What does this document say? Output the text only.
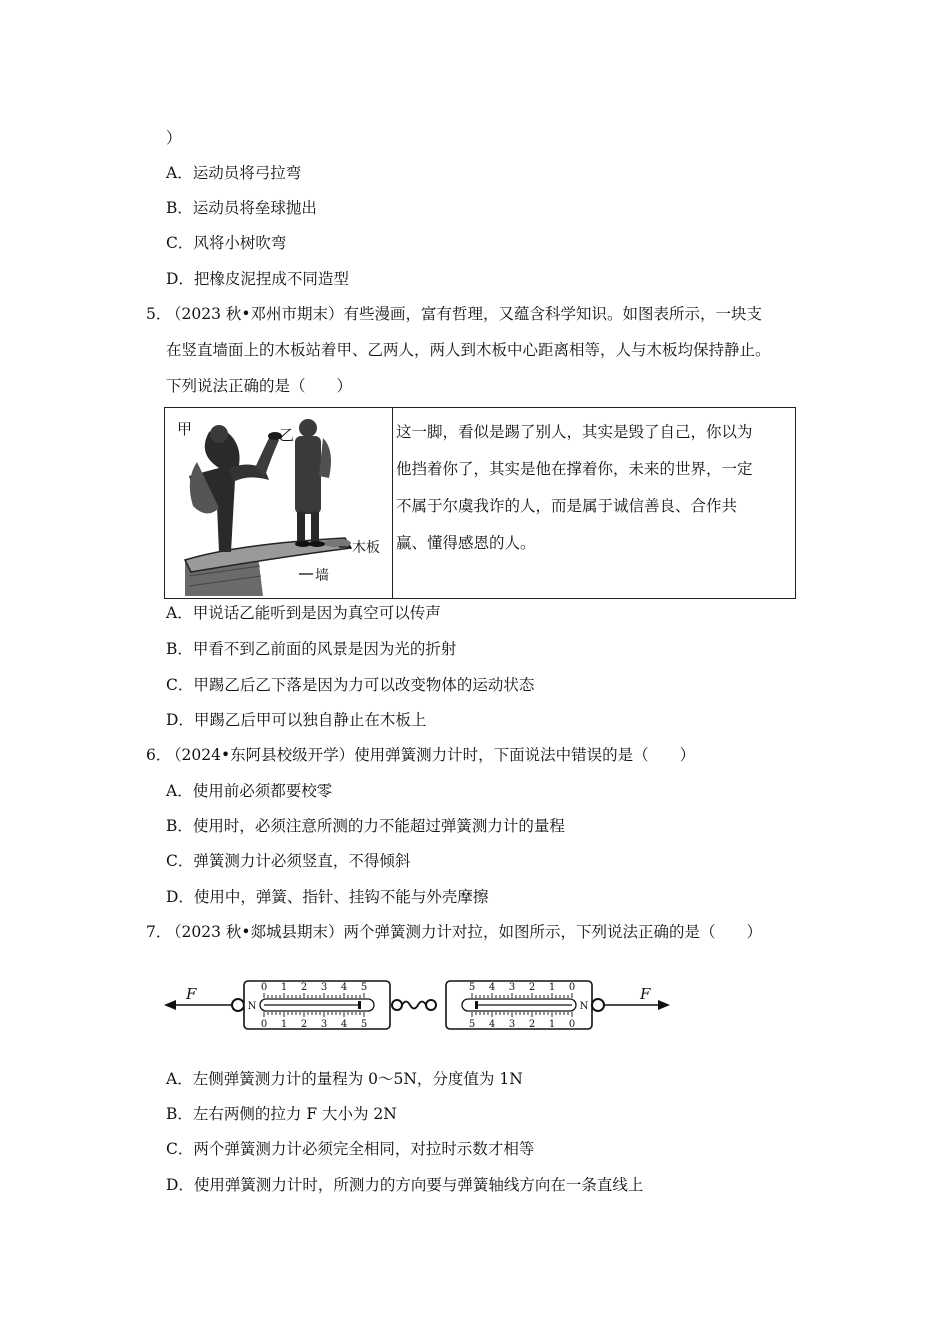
）
A．运动员将弓拉弯
B．运动员将垒球抛出
C．风将小树吹弯
D．把橡皮泥捏成不同造型
5．
（2023 秋•邓州市期末）有些漫画，富有哲理，又蕴含科学知识。如图表所示，一块支
在竖直墙面上的木板站着甲、乙两人，两人到木板中心距离相等，人与木板均保持静止。
下列说法正确的是（　　）
甲	乙
木板
墙
这一脚，看似是踢了别人，其实是毁了自己，你以为
他挡着你了，其实是他在撑着你，未来的世界，一定
不属于尔虞我诈的人，而是属于诚信善良、合作共
赢、懂得感恩的人。
A．甲说话乙能听到是因为真空可以传声
B．甲看不到乙前面的风景是因为光的折射
C．甲踢乙后乙下落是因为力可以改变物体的运动状态
D．甲踢乙后甲可以独自静止在木板上
6．
（2024•东阿县校级开学）使用弹簧测力计时，下面说法中错误的是（　　）
A．使用前必须都要校零
B．使用时，必须注意所测的力不能超过弹簧测力计的量程
C．弹簧测力计必须竖直，不得倾斜
D．使用中，弹簧、指针、挂钩不能与外壳摩擦
7．
（2023 秋•郯城县期末）两个弹簧测力计对拉，如图所示，下列说法正确的是（　　）
F
N
0 1 2 3 4 5
0 1 2 3 4 5
5 4 3 2 1 0
5 4 3 2 1 0
N
F
A．左侧弹簧测力计的量程为 0～5N，分度值为 1N
B．左右两侧的拉力 F 大小为 2N
C．两个弹簧测力计必须完全相同，对拉时示数才相等
D．使用弹簧测力计时，所测力的方向要与弹簧轴线方向在一条直线上
